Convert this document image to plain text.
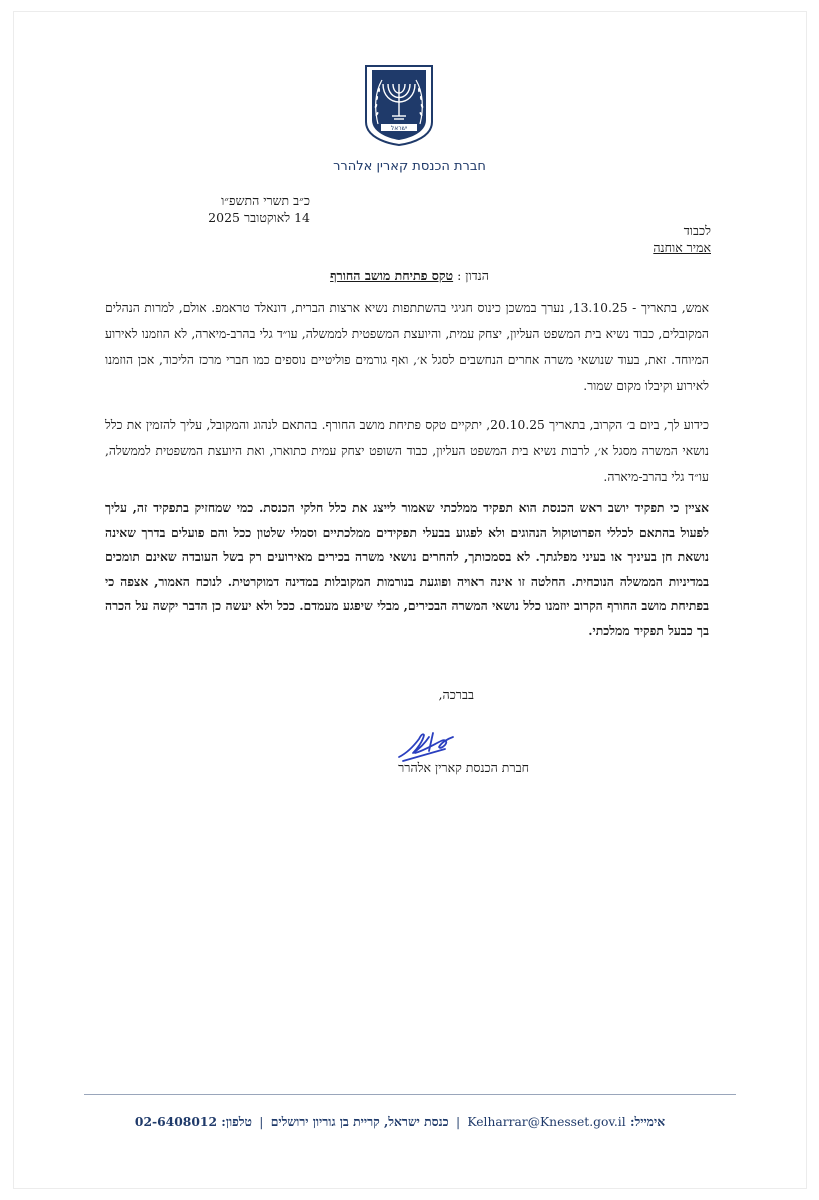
ישראל
חברת הכנסת קארין אלהרר
כ״ב תשרי התשפ״ו
14 לאוקטובר 2025
לכבוד
אמיר אוחנה
הנדון : טקס פתיחת מושב החורף

אמש, בתאריך - 13.10.25, נערך במשכן כינוס חגיגי בהשתתפות נשיא ארצות הברית, דונאלד טראמפ. אולם, למרות הנהלים המקובלים, כבוד נשיא בית המשפט העליון, יצחק עמית, והיועצת המשפטית לממשלה, עו״ד גלי בהרב-מיארה, לא הוזמנו לאירוע המיוחד. זאת, בעוד שנושאי משרה אחרים הנחשבים לסגל א׳, ואף גורמים פוליטיים נוספים כמו חברי מרכז הליכוד, אכן הוזמנו לאירוע וקיבלו מקום שמור.

כידוע לך, ביום ב׳ הקרוב, בתאריך 20.10.25, יתקיים טקס פתיחת מושב החורף. בהתאם לנהוג והמקובל, עליך להזמין את כלל נושאי המשרה מסגל א׳, לרבות נשיא בית המשפט העליון, כבוד השופט יצחק עמית כתוארו, ואת היועצת המשפטית לממשלה, עו״ד גלי בהרב-מיארה.

אציין כי תפקיד יושב ראש הכנסת הוא תפקיד ממלכתי שאמור לייצג את כלל חלקי הכנסת. כמי שמחזיק בתפקיד זה, עליך לפעול בהתאם לכללי הפרוטוקול הנהוגים ולא לפגוע בבעלי תפקידים ממלכתיים וסמלי שלטון ככל והם פועלים בדרך שאינה נושאת חן בעיניך או בעיני מפלגתך. לא בסמכותך, להחרים נושאי משרה בכירים מאירועים רק בשל העובדה שאינם תומכים במדיניות הממשלה הנוכחית. החלטה זו אינה ראויה ופוגעת בנורמות המקובלות במדינה דמוקרטית. לנוכח האמור, אצפה כי בפתיחת מושב החורף הקרוב יוזמנו כלל נושאי המשרה הבכירים, מבלי שיפגע מעמדם. ככל ולא יעשה כן הדבר יקשה על הכרה בך כבעל תפקיד ממלכתי.

בברכה,
חברת הכנסת קארין אלהרר
אימייל: Kelharrar@Knesset.gov.il | כנסת ישראל, קריית בן גוריון ירושלים | טלפון: 02-6408012
